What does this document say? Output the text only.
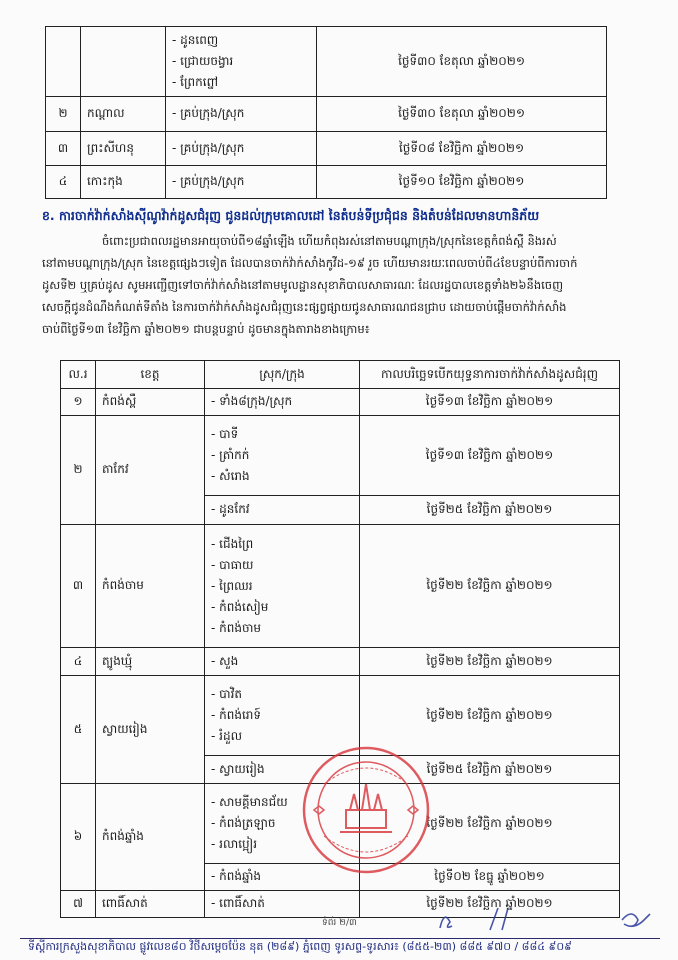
		- ដូនពេញ
- ជ្រោយចង្វារ
- ព្រែកព្នៅ	ថ្ងៃទី៣០ ខែតុលា ឆ្នាំ២០២១
២	កណ្ដាល	- គ្រប់ក្រុង/ស្រុក	ថ្ងៃទី៣០ ខែតុលា ឆ្នាំ២០២១
៣	ព្រះសីហនុ	- គ្រប់ក្រុង/ស្រុក	ថ្ងៃទី០៨ ខែវិច្ឆិកា ឆ្នាំ២០២១
៤	កោះកុង	- គ្រប់ក្រុង/ស្រុក	ថ្ងៃទី១០ ខែវិច្ឆិកា ឆ្នាំ២០២១
ខ. ការចាក់វ៉ាក់សាំងស៊ីណូវ៉ាក់ដូសជំរុញ ជូនដល់ក្រុមគោលដៅ នៃតំបន់ទីប្រជុំជន និងតំបន់ដែលមានហានិភ័យ
ចំពោះប្រជាពលរដ្ឋមានអាយុចាប់ពី១៨ឆ្នាំឡើង ហើយកំពុងរស់នៅតាមបណ្ដាក្រុង/ស្រុកនៃខេត្តកំពង់ស្ពឺ និងរស់
នៅតាមបណ្ដាក្រុង/ស្រុក នៃខេត្តផ្សេងៗទៀត ដែលបានចាក់វ៉ាក់សាំងកូវីដ-១៩ រួច ហើយមានរយៈពេលចាប់ពី៤ខែបន្ទាប់ពីការចាក់
ដូសទី២ ឬគ្រប់ដូស សូមអញ្ជើញទៅចាក់វ៉ាក់សាំងនៅតាមមូលដ្ឋានសុខាភិបាលសាធារណៈ ដែលរដ្ឋបាលខេត្តទាំង២៦នឹងចេញ
សេចក្ដីជូនដំណឹងកំណត់ទីតាំង នៃការចាក់វ៉ាក់សាំងដូសជំរុញនេះផ្សព្វផ្សាយជូនសាធារណជនជ្រាប ដោយចាប់ផ្ដើមចាក់វ៉ាក់សាំង
ចាប់ពីថ្ងៃទី១៣ ខែវិច្ឆិកា ឆ្នាំ២០២១ ជាបន្តបន្ទាប់ ដូចមានក្នុងតារាងខាងក្រោម៖
ល.រ	ខេត្ត	ស្រុក/ក្រុង	កាលបរិច្ឆេទបើកយុទ្ធនាការចាក់វ៉ាក់សាំងដូសជំរុញ
១	កំពង់ស្ពឺ	- ទាំង៨ក្រុង/ស្រុក	ថ្ងៃទី១៣ ខែវិច្ឆិកា ឆ្នាំ២០២១
២	តាកែវ	- បាទី
- ត្រាំកក់
- សំរោង	ថ្ងៃទី១៣ ខែវិច្ឆិកា ឆ្នាំ២០២១
		- ដូនកែវ	ថ្ងៃទី២៥ ខែវិច្ឆិកា ឆ្នាំ២០២១
៣	កំពង់ចាម	- ជើងព្រៃ
- បាធាយ
- ព្រៃឈរ
- កំពង់សៀម
- កំពង់ចាម	ថ្ងៃទី២២ ខែវិច្ឆិកា ឆ្នាំ២០២១
៤	ត្បូងឃ្មុំ	- សួង	ថ្ងៃទី២២ ខែវិច្ឆិកា ឆ្នាំ២០២១
៥	ស្វាយរៀង	- បាវិត
- កំពង់រោទ៍
- រំដួល	ថ្ងៃទី២២ ខែវិច្ឆិកា ឆ្នាំ២០២១
		- ស្វាយរៀង	ថ្ងៃទី២៥ ខែវិច្ឆិកា ឆ្នាំ២០២១
៦	កំពង់ឆ្នាំង	- សាមគ្គីមានជ័យ
- កំពង់ត្រឡាច
- រលាប្អៀរ	ថ្ងៃទី២២ ខែវិច្ឆិកា ឆ្នាំ២០២១
		- កំពង់ឆ្នាំង	ថ្ងៃទី០២ ខែធ្នូ ឆ្នាំ២០២១
៧	ពោធិ៍សាត់	- ពោធិ៍សាត់	ថ្ងៃទី២២ ខែវិច្ឆិកា ឆ្នាំ២០២១
ទំព័រ ២/៣
ទីស្ដីការក្រសួងសុខាភិបាល ផ្លូវលេខ៨០ វិថីសម្ដេចប៉ែន នុត (២៨៩) ភ្នំពេញ ទូរសព្ទ-ទូរសារ៖ (៨៥៥-២៣) ៨៨៥ ៩៧០ / ៨៨៤ ៩០៩
